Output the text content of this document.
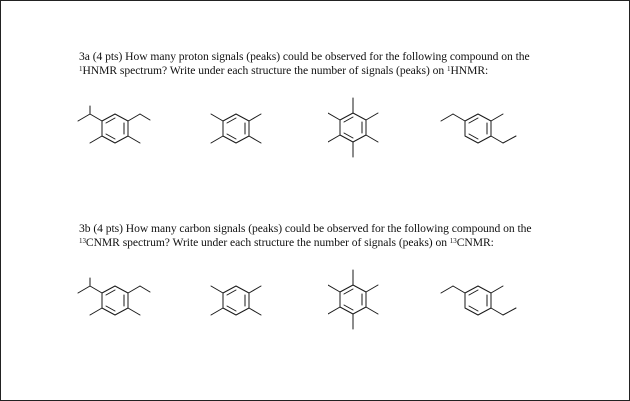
3a (4 pts) How many proton signals (peaks) could be observed for the following compound on the $^1$HNMR spectrum? Write under each structure the number of signals (peaks) on $^1$HNMR:
3b (4 pts) How many carbon signals (peaks) could be observed for the following compound on the $^{13}$CNMR spectrum? Write under each structure the number of signals (peaks) on $^{13}$CNMR:
